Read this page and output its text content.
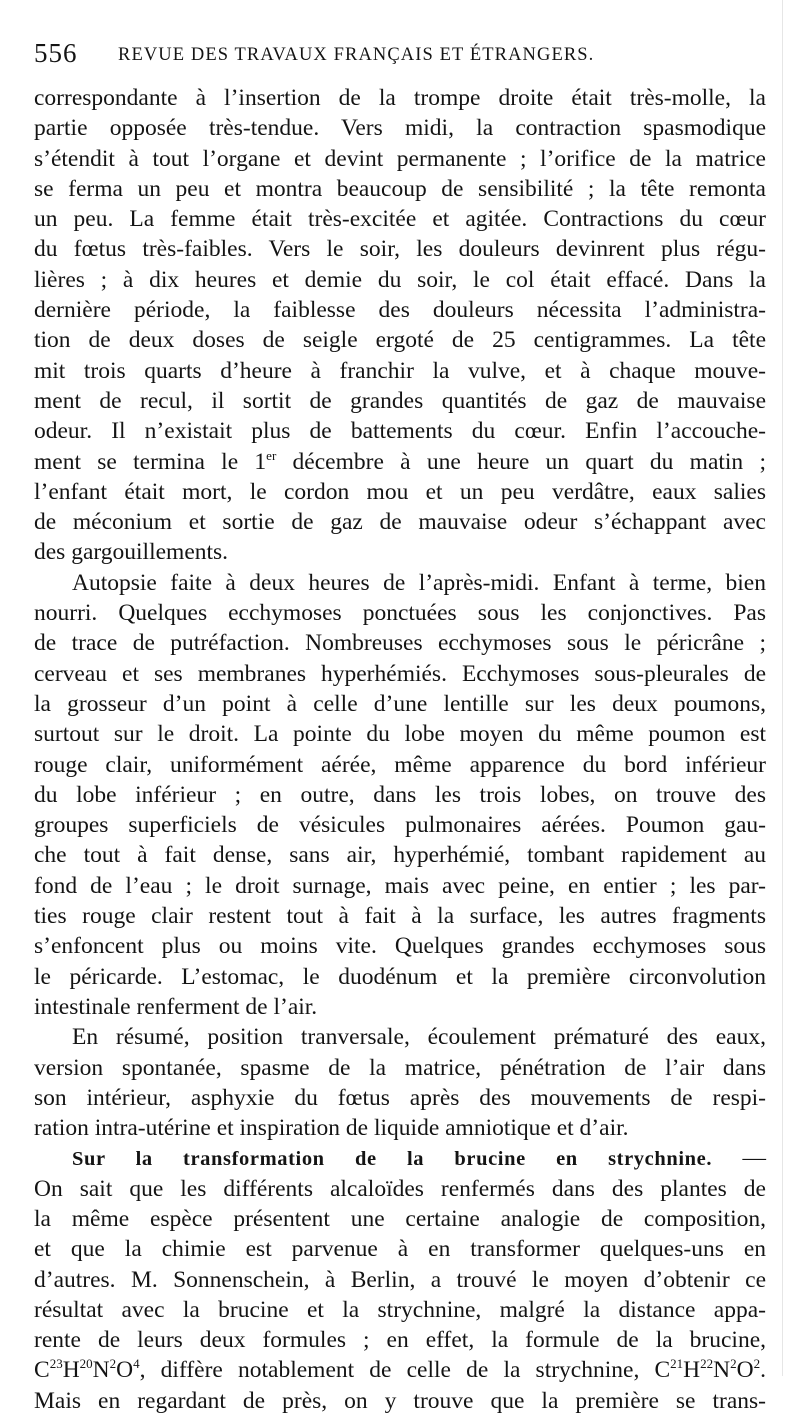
556 REVUE DES TRAVAUX FRANÇAIS ET ÉTRANGERS.
correspondante à l’insertion de la trompe droite était très-molle, la
partie opposée très-tendue. Vers midi, la contraction spasmodique
s’étendit à tout l’organe et devint permanente ; l’orifice de la matrice
se ferma un peu et montra beaucoup de sensibilité ; la tête remonta
un peu. La femme était très-excitée et agitée. Contractions du cœur
du fœtus très-faibles. Vers le soir, les douleurs devinrent plus régu-
lières ; à dix heures et demie du soir, le col était effacé. Dans la
dernière période, la faiblesse des douleurs nécessita l’administra-
tion de deux doses de seigle ergoté de 25 centigrammes. La tête
mit trois quarts d’heure à franchir la vulve, et à chaque mouve-
ment de recul, il sortit de grandes quantités de gaz de mauvaise
odeur. Il n’existait plus de battements du cœur. Enfin l’accouche-
ment se termina le 1er décembre à une heure un quart du matin ;
l’enfant était mort, le cordon mou et un peu verdâtre, eaux salies
de méconium et sortie de gaz de mauvaise odeur s’échappant avec
des gargouillements.
Autopsie faite à deux heures de l’après-midi. Enfant à terme, bien
nourri. Quelques ecchymoses ponctuées sous les conjonctives. Pas
de trace de putréfaction. Nombreuses ecchymoses sous le péricrâne ;
cerveau et ses membranes hyperhémiés. Ecchymoses sous-pleurales de
la grosseur d’un point à celle d’une lentille sur les deux poumons,
surtout sur le droit. La pointe du lobe moyen du même poumon est
rouge clair, uniformément aérée, même apparence du bord inférieur
du lobe inférieur ; en outre, dans les trois lobes, on trouve des
groupes superficiels de vésicules pulmonaires aérées. Poumon gau-
che tout à fait dense, sans air, hyperhémié, tombant rapidement au
fond de l’eau ; le droit surnage, mais avec peine, en entier ; les par-
ties rouge clair restent tout à fait à la surface, les autres fragments
s’enfoncent plus ou moins vite. Quelques grandes ecchymoses sous
le péricarde. L’estomac, le duodénum et la première circonvolution
intestinale renferment de l’air.
En résumé, position tranversale, écoulement prématuré des eaux,
version spontanée, spasme de la matrice, pénétration de l’air dans
son intérieur, asphyxie du fœtus après des mouvements de respi-
ration intra-utérine et inspiration de liquide amniotique et d’air.
Sur la transformation de la brucine en strychnine. —
On sait que les différents alcaloïdes renfermés dans des plantes de
la même espèce présentent une certaine analogie de composition,
et que la chimie est parvenue à en transformer quelques-uns en
d’autres. M. Sonnenschein, à Berlin, a trouvé le moyen d’obtenir ce
résultat avec la brucine et la strychnine, malgré la distance appa-
rente de leurs deux formules ; en effet, la formule de la brucine,
$C^{23}H^{20}N^2O^4$, diffère notablement de celle de la strychnine, $C^{21}H^{22}N^2O^2$.
Mais en regardant de près, on y trouve que la première se trans-
